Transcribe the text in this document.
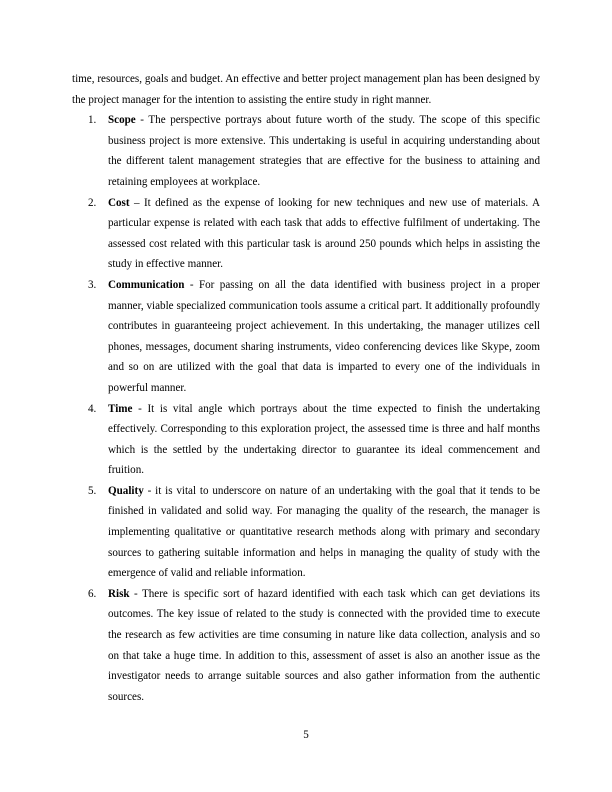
time, resources, goals and budget. An effective and better project management plan has been designed by the project manager for the intention to assisting the entire study in right manner.

1. Scope - The perspective portrays about future worth of the study. The scope of this specific business project is more extensive. This undertaking is useful in acquiring understanding about the different talent management strategies that are effective for the business to attaining and retaining employees at workplace.
2. Cost – It defined as the expense of looking for new techniques and new use of materials. A particular expense is related with each task that adds to effective fulfilment of undertaking. The assessed cost related with this particular task is around 250 pounds which helps in assisting the study in effective manner.
3. Communication - For passing on all the data identified with business project in a proper manner, viable specialized communication tools assume a critical part. It additionally profoundly contributes in guaranteeing project achievement. In this undertaking, the manager utilizes cell phones, messages, document sharing instruments, video conferencing devices like Skype, zoom and so on are utilized with the goal that data is imparted to every one of the individuals in powerful manner.
4. Time - It is vital angle which portrays about the time expected to finish the undertaking effectively. Corresponding to this exploration project, the assessed time is three and half months which is the settled by the undertaking director to guarantee its ideal commencement and fruition.
5. Quality - it is vital to underscore on nature of an undertaking with the goal that it tends to be finished in validated and solid way. For managing the quality of the research, the manager is implementing qualitative or quantitative research methods along with primary and secondary sources to gathering suitable information and helps in managing the quality of study with the emergence of valid and reliable information.
6. Risk - There is specific sort of hazard identified with each task which can get deviations its outcomes. The key issue of related to the study is connected with the provided time to execute the research as few activities are time consuming in nature like data collection, analysis and so on that take a huge time. In addition to this, assessment of asset is also an another issue as the investigator needs to arrange suitable sources and also gather information from the authentic sources.
5
